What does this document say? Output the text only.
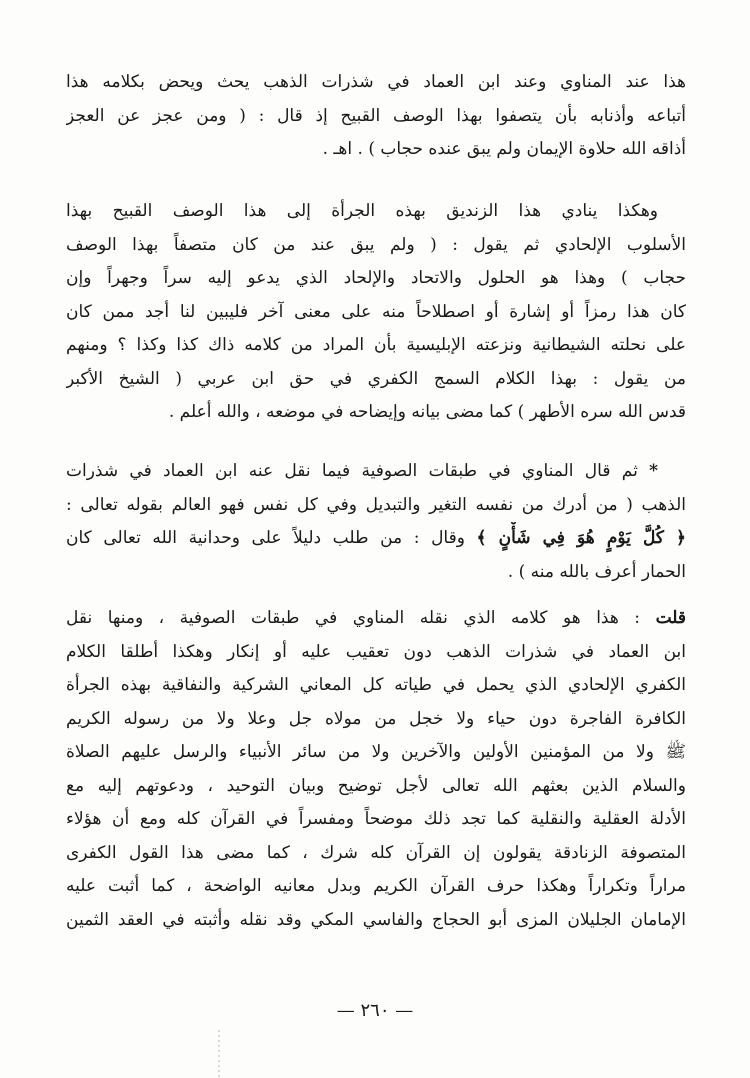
هذا عند المناوي وعند ابن العماد في شذرات الذهب يحث ويحض بكلامه هذا
أتباعه وأذنابه بأن يتصفوا بهذا الوصف القبيح إذ قال : ( ومن عجز عن العجز
أذاقه الله حلاوة الإيمان ولم يبق عنده حجاب ) . اهـ .
وهكذا ينادي هذا الزنديق بهذه الجرأة إلى هذا الوصف القبيح بهذا
الأسلوب الإلحادي ثم يقول : ( ولم يبق عند من كان متصفاً بهذا الوصف
حجاب ) وهذا هو الحلول والاتحاد والإلحاد الذي يدعو إليه سراً وجهراً وإن
كان هذا رمزاً أو إشارة أو اصطلاحاً منه على معنى آخر فليبين لنا أجد ممن كان
على نحلته الشيطانية ونزعته الإبليسية بأن المراد من كلامه ذاك كذا وكذا ؟ ومنهم
من يقول : بهذا الكلام السمج الكفري في حق ابن عربي ( الشيخ الأكبر
قدس الله سره الأطهر ) كما مضى بيانه وإيضاحه في موضعه ، والله أعلم .
* ثم قال المناوي في طبقات الصوفية فيما نقل عنه ابن العماد في شذرات
الذهب ( من أدرك من نفسه التغير والتبديل وفي كل نفس فهو العالم بقوله تعالى :
﴿ كُلَّ يَوْمٍ هُوَ فِي شَأْنٍ ﴾ وقال : من طلب دليلاً على وحدانية الله تعالى كان
الحمار أعرف بالله منه ) .
قلت : هذا هو كلامه الذي نقله المناوي في طبقات الصوفية ، ومنها نقل
ابن العماد في شذرات الذهب دون تعقيب عليه أو إنكار وهكذا أطلقا الكلام
الكفري الإلحادي الذي يحمل في طياته كل المعاني الشركية والنفاقية بهذه الجرأة
الكافرة الفاجرة دون حياء ولا خجل من مولاه جل وعلا ولا من رسوله الكريم
ﷺ ولا من المؤمنين الأولين والآخرين ولا من سائر الأنبياء والرسل عليهم الصلاة
والسلام الذين بعثهم الله تعالى لأجل توضيح وبيان التوحيد ، ودعوتهم إليه مع
الأدلة العقلية والنقلية كما تجد ذلك موضحاً ومفسراً في القرآن كله ومع أن هؤلاء
المتصوفة الزنادقة يقولون إن القرآن كله شرك ، كما مضى هذا القول الكفرى
مراراً وتكراراً وهكذا حرف القرآن الكريم وبدل معانيه الواضحة ، كما أثبت عليه
الإمامان الجليلان المزى أبو الحجاج والفاسي المكي وقد نقله وأثبته في العقد الثمين
— ٢٦٠ —
